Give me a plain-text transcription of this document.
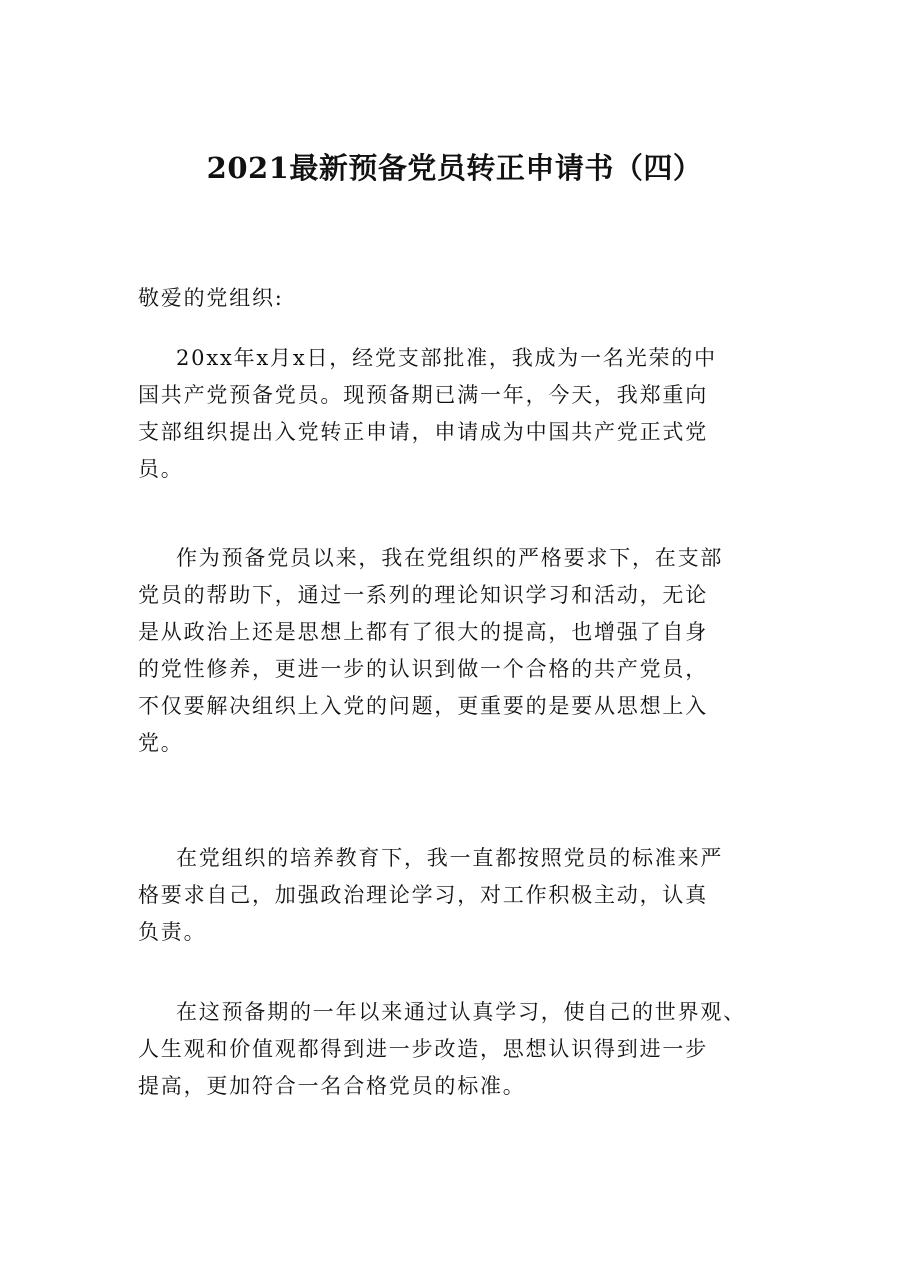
2021最新预备党员转正申请书（四）

敬爱的党组织:

20xx年x月x日，经党支部批准，我成为一名光荣的中
国共产党预备党员。现预备期已满一年，今天，我郑重向
支部组织提出入党转正申请，申请成为中国共产党正式党
员。

作为预备党员以来，我在党组织的严格要求下，在支部
党员的帮助下，通过一系列的理论知识学习和活动，无论
是从政治上还是思想上都有了很大的提高，也增强了自身
的党性修养，更进一步的认识到做一个合格的共产党员，
不仅要解决组织上入党的问题，更重要的是要从思想上入
党。

在党组织的培养教育下，我一直都按照党员的标准来严
格要求自己，加强政治理论学习，对工作积极主动，认真
负责。

在这预备期的一年以来通过认真学习，使自己的世界观、
人生观和价值观都得到进一步改造，思想认识得到进一步
提高，更加符合一名合格党员的标准。
